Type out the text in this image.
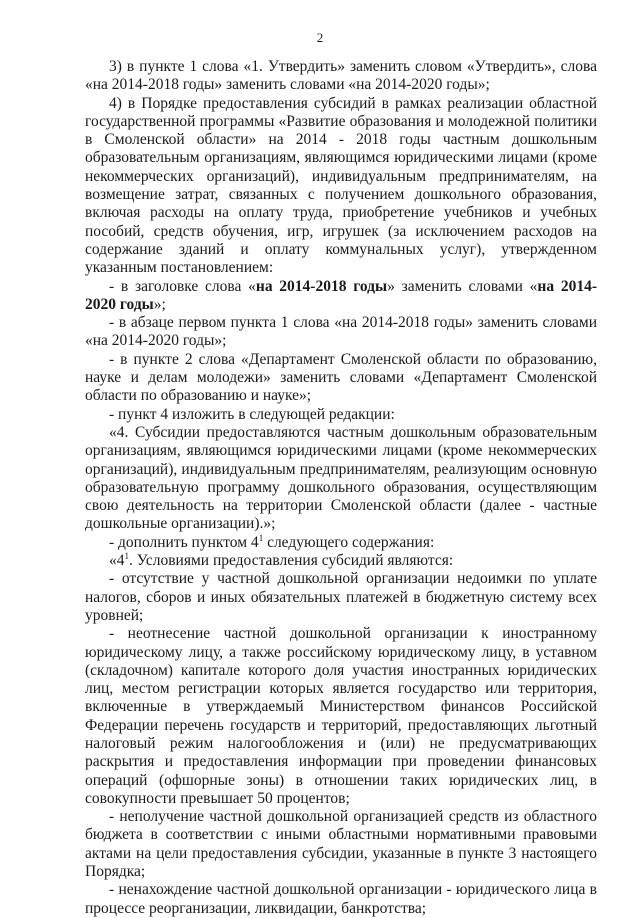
2

3) в пункте 1 слова «1. Утвердить» заменить словом «Утвердить», слова «на 2014-2018 годы» заменить словами «на 2014-2020 годы»;

4) в Порядке предоставления субсидий в рамках реализации областной государственной программы «Развитие образования и молодежной политики в Смоленской области» на 2014 - 2018 годы частным дошкольным образовательным организациям, являющимся юридическими лицами (кроме некоммерческих организаций), индивидуальным предпринимателям, на возмещение затрат, связанных с получением дошкольного образования, включая расходы на оплату труда, приобретение учебников и учебных пособий, средств обучения, игр, игрушек (за исключением расходов на содержание зданий и оплату коммунальных услуг), утвержденном указанным постановлением:

- в заголовке слова «на 2014-2018 годы» заменить словами «на 2014-2020 годы»;

- в абзаце первом пункта 1 слова «на 2014-2018 годы» заменить словами «на 2014-2020 годы»;

- в пункте 2 слова «Департамент Смоленской области по образованию, науке и делам молодежи» заменить словами «Департамент Смоленской области по образованию и науке»;

- пункт 4 изложить в следующей редакции:

«4. Субсидии предоставляются частным дошкольным образовательным организациям, являющимся юридическими лицами (кроме некоммерческих организаций), индивидуальным предпринимателям, реализующим основную образовательную программу дошкольного образования, осуществляющим свою деятельность на территории Смоленской области (далее - частные дошкольные организации).»;

- дополнить пунктом $4^1$ следующего содержания:

«$4^1$. Условиями предоставления субсидий являются:

- отсутствие у частной дошкольной организации недоимки по уплате налогов, сборов и иных обязательных платежей в бюджетную систему всех уровней;

- неотнесение частной дошкольной организации к иностранному юридическому лицу, а также российскому юридическому лицу, в уставном (складочном) капитале которого доля участия иностранных юридических лиц, местом регистрации которых является государство или территория, включенные в утверждаемый Министерством финансов Российской Федерации перечень государств и территорий, предоставляющих льготный налоговый режим налогообложения и (или) не предусматривающих раскрытия и предоставления информации при проведении финансовых операций (офшорные зоны) в отношении таких юридических лиц, в совокупности превышает 50 процентов;

- неполучение частной дошкольной организацией средств из областного бюджета в соответствии с иными областными нормативными правовыми актами на цели предоставления субсидии, указанные в пункте 3 настоящего Порядка;

- ненахождение частной дошкольной организации - юридического лица в процессе реорганизации, ликвидации, банкротства;
